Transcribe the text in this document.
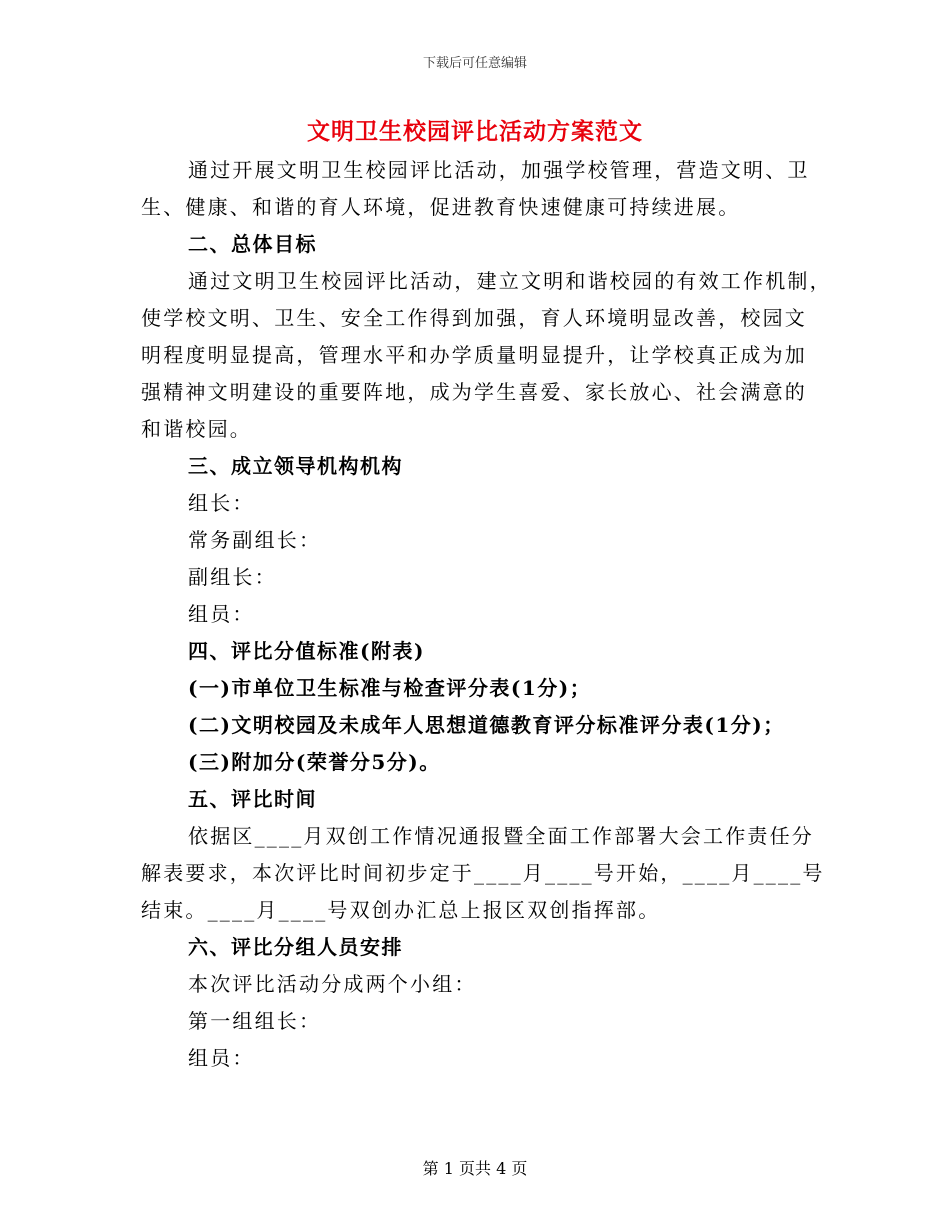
下载后可任意编辑
文明卫生校园评比活动方案范文
通过开展文明卫生校园评比活动，加强学校管理，营造文明、卫
生、健康、和谐的育人环境，促进教育快速健康可持续进展。
二、总体目标
通过文明卫生校园评比活动，建立文明和谐校园的有效工作机制，
使学校文明、卫生、安全工作得到加强，育人环境明显改善，校园文
明程度明显提高，管理水平和办学质量明显提升，让学校真正成为加
强精神文明建设的重要阵地，成为学生喜爱、家长放心、社会满意的
和谐校园。
三、成立领导机构机构
组长：
常务副组长：
副组长：
组员：
四、评比分值标准(附表)
(一)市单位卫生标准与检查评分表(1分)；
(二)文明校园及未成年人思想道德教育评分标准评分表(1分)；
(三)附加分(荣誉分5分)。
五、评比时间
依据区____月双创工作情况通报暨全面工作部署大会工作责任分
解表要求，本次评比时间初步定于____月____号开始，____月____号
结束。____月____号双创办汇总上报区双创指挥部。
六、评比分组人员安排
本次评比活动分成两个小组：
第一组组长：
组员：
第 1 页共 4 页
